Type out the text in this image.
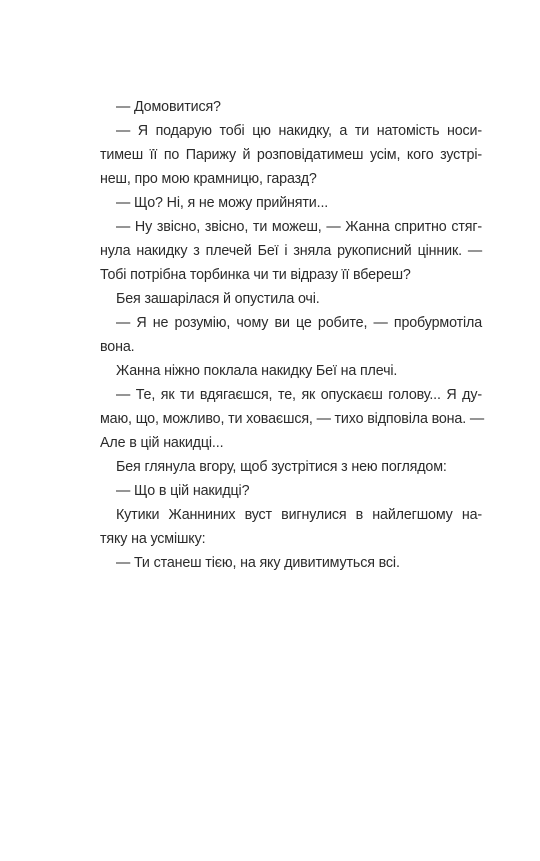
— Домовитися?
— Я подарую тобі цю накидку, а ти натомість носи-
тимеш її по Парижу й розповідатимеш усім, кого зустрі-
неш, про мою крамницю, гаразд?
— Що? Ні, я не можу прийняти...
— Ну звісно, звісно, ти можеш, — Жанна спритно стяг-
нула накидку з плечей Беї і зняла рукописний цінник. —
Тобі потрібна торбинка чи ти відразу її вбереш?
Бея зашарілася й опустила очі.
— Я не розумію, чому ви це робите, — пробурмотіла
вона.
Жанна ніжно поклала накидку Беї на плечі.
— Те, як ти вдягаєшся, те, як опускаєш голову... Я ду-
маю, що, можливо, ти ховаєшся, — тихо відповіла вона. —
Але в цій накидці...
Бея глянула вгору, щоб зустрітися з нею поглядом:
— Що в цій накидці?
Кутики Жанниних вуст вигнулися в найлегшому на-
тяку на усмішку:
— Ти станеш тією, на яку дивитимуться всі.
